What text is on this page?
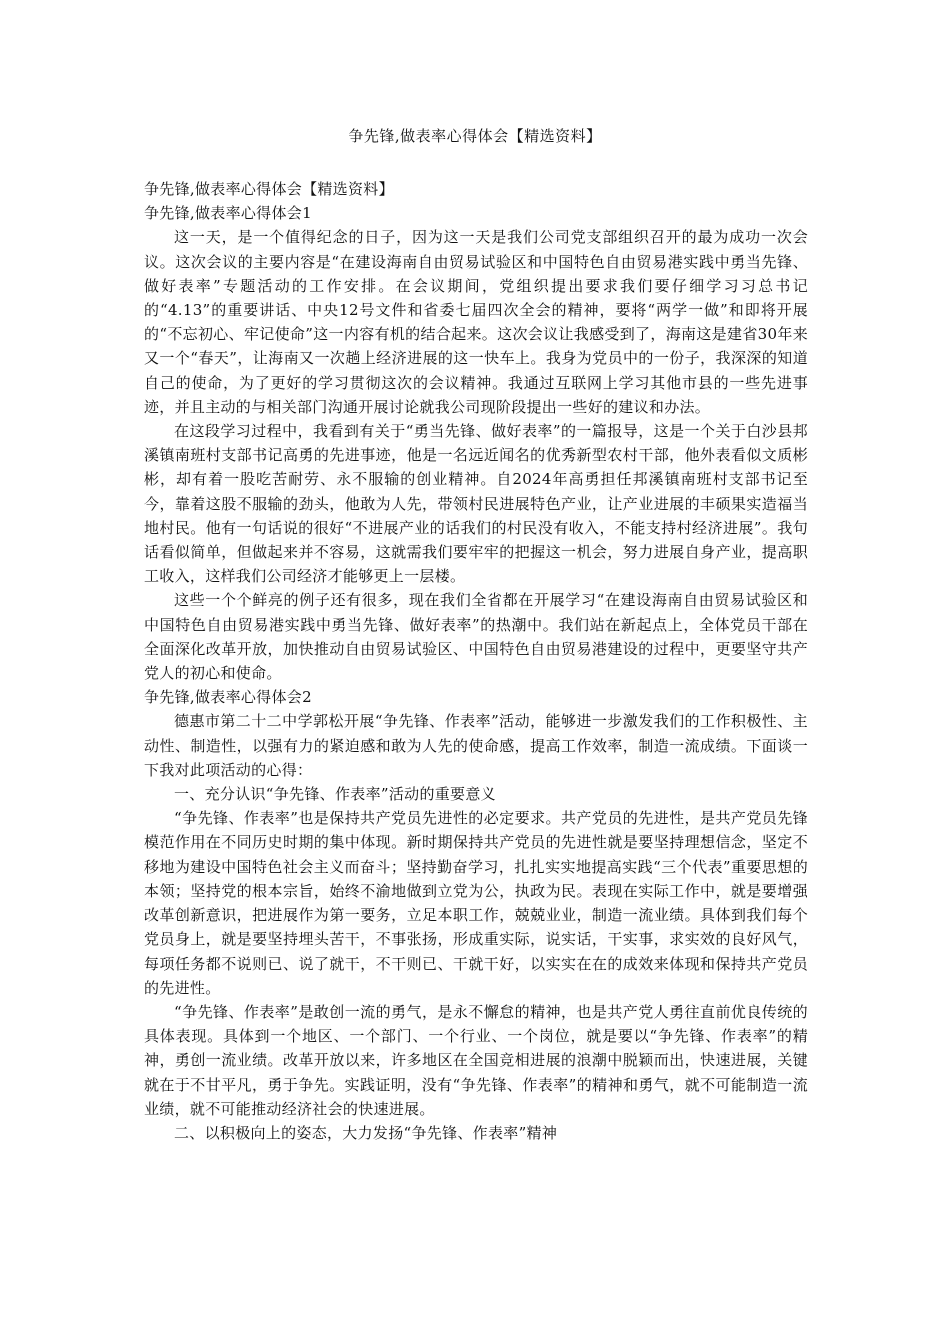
争先锋,做表率心得体会【精选资料】

争先锋,做表率心得体会【精选资料】

争先锋,做表率心得体会1

这一天，是一个值得纪念的日子，因为这一天是我们公司党支部组织召开的最为成功一次会议。这次会议的主要内容是“在建设海南自由贸易试验区和中国特色自由贸易港实践中勇当先锋、做好表率”专题活动的工作安排。在会议期间，党组织提出要求我们要仔细学习习总书记的“4.13”的重要讲话、中央12号文件和省委七届四次全会的精神，要将“两学一做”和即将开展的“不忘初心、牢记使命”这一内容有机的结合起来。这次会议让我感受到了，海南这是建省30年来又一个“春天”，让海南又一次趟上经济进展的这一快车上。我身为党员中的一份子，我深深的知道自己的使命，为了更好的学习贯彻这次的会议精神。我通过互联网上学习其他市县的一些先进事迹，并且主动的与相关部门沟通开展讨论就我公司现阶段提出一些好的建议和办法。

在这段学习过程中，我看到有关于“勇当先锋、做好表率”的一篇报导，这是一个关于白沙县邦溪镇南班村支部书记高勇的先进事迹，他是一名远近闻名的优秀新型农村干部，他外表看似文质彬彬，却有着一股吃苦耐劳、永不服输的创业精神。自2024年高勇担任邦溪镇南班村支部书记至今，靠着这股不服输的劲头，他敢为人先，带领村民进展特色产业，让产业进展的丰硕果实造福当地村民。他有一句话说的很好“不进展产业的话我们的村民没有收入，不能支持村经济进展”。我句话看似简单，但做起来并不容易，这就需我们要牢牢的把握这一机会，努力进展自身产业，提高职工收入，这样我们公司经济才能够更上一层楼。

这些一个个鲜亮的例子还有很多，现在我们全省都在开展学习“在建设海南自由贸易试验区和中国特色自由贸易港实践中勇当先锋、做好表率”的热潮中。我们站在新起点上，全体党员干部在全面深化改革开放，加快推动自由贸易试验区、中国特色自由贸易港建设的过程中，更要坚守共产党人的初心和使命。

争先锋,做表率心得体会2

德惠市第二十二中学郭松开展“争先锋、作表率”活动，能够进一步激发我们的工作积极性、主动性、制造性，以强有力的紧迫感和敢为人先的使命感，提高工作效率，制造一流成绩。下面谈一下我对此项活动的心得：

一、充分认识“争先锋、作表率”活动的重要意义

“争先锋、作表率”也是保持共产党员先进性的必定要求。共产党员的先进性，是共产党员先锋模范作用在不同历史时期的集中体现。新时期保持共产党员的先进性就是要坚持理想信念，坚定不移地为建设中国特色社会主义而奋斗；坚持勤奋学习，扎扎实实地提高实践“三个代表”重要思想的本领；坚持党的根本宗旨，始终不渝地做到立党为公，执政为民。表现在实际工作中，就是要增强改革创新意识，把进展作为第一要务，立足本职工作，兢兢业业，制造一流业绩。具体到我们每个党员身上，就是要坚持埋头苦干，不事张扬，形成重实际，说实话，干实事，求实效的良好风气，每项任务都不说则已、说了就干，不干则已、干就干好，以实实在在的成效来体现和保持共产党员的先进性。

“争先锋、作表率”是敢创一流的勇气，是永不懈怠的精神，也是共产党人勇往直前优良传统的具体表现。具体到一个地区、一个部门、一个行业、一个岗位，就是要以“争先锋、作表率”的精神，勇创一流业绩。改革开放以来，许多地区在全国竞相进展的浪潮中脱颖而出，快速进展，关键就在于不甘平凡，勇于争先。实践证明，没有“争先锋、作表率”的精神和勇气，就不可能制造一流业绩，就不可能推动经济社会的快速进展。

二、以积极向上的姿态，大力发扬“争先锋、作表率”精神
